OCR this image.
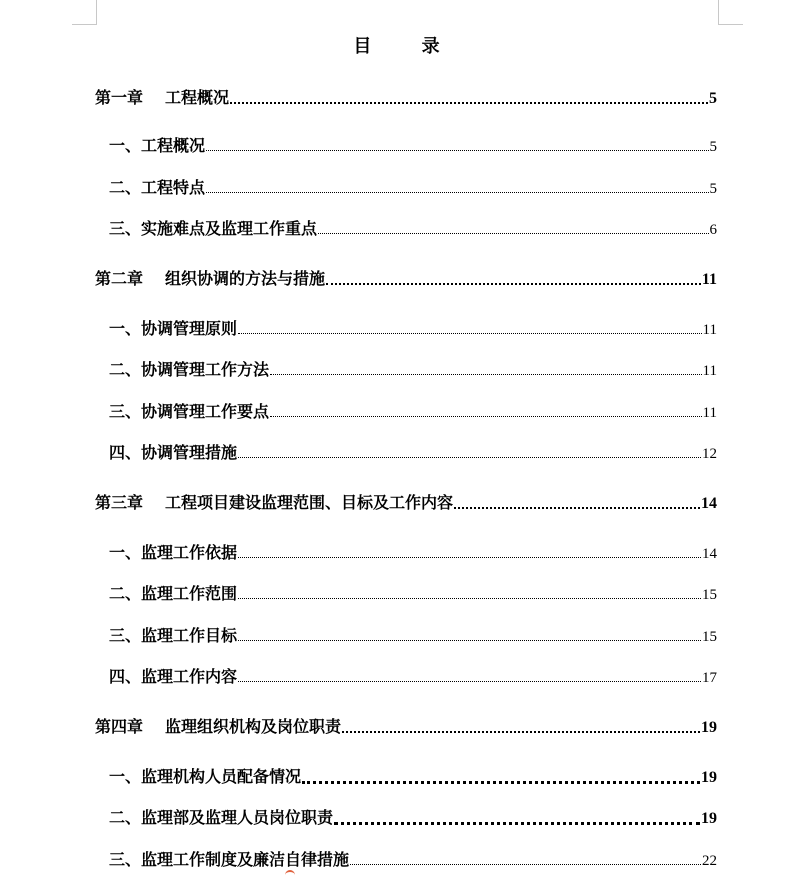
目 录
第一章 工程概况	5
一、工程概况	5
二、工程特点	5
三、实施难点及监理工作重点	6
第二章 组织协调的方法与措施	11
一、协调管理原则	11
二、协调管理工作方法	11
三、协调管理工作要点	11
四、协调管理措施	12
第三章 工程项目建设监理范围、目标及工作内容	14
一、监理工作依据	14
二、监理工作范围	15
三、监理工作目标	15
四、监理工作内容	17
第四章 监理组织机构及岗位职责	19
一、监理机构人员配备情况	19
二、监理部及监理人员岗位职责	19
三、监理工作制度及廉洁自律措施	22
